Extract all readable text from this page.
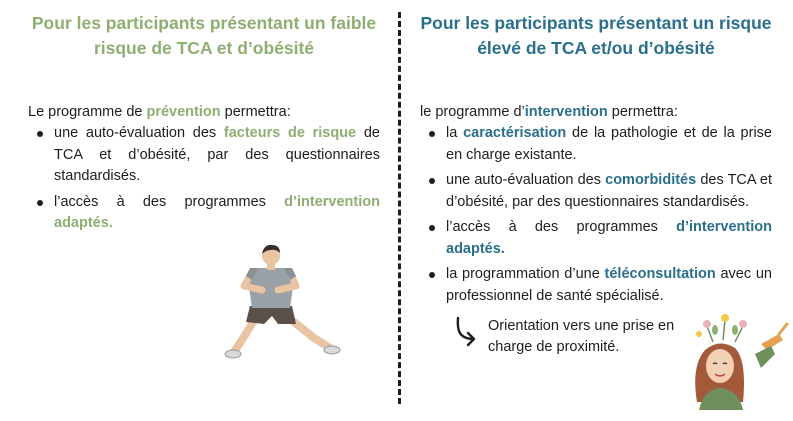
Pour les participants présentant un faible risque de TCA et d’obésité
Le programme de prévention permettra:
une auto-évaluation des facteurs de risque de TCA et d’obésité, par des questionnaires standardisés.
l’accès à des programmes d’intervention adaptés.
Pour les participants présentant un risque élevé de TCA et/ou d’obésité
le programme d’intervention permettra:
la caractérisation de la pathologie et de la prise en charge existante.
une auto-évaluation des comorbidités des TCA et d’obésité, par des questionnaires standardisés.
l’accès à des programmes d’intervention adaptés.
la programmation d’une téléconsultation avec un professionnel de santé spécialisé.
Orientation vers une prise en charge de proximité.
